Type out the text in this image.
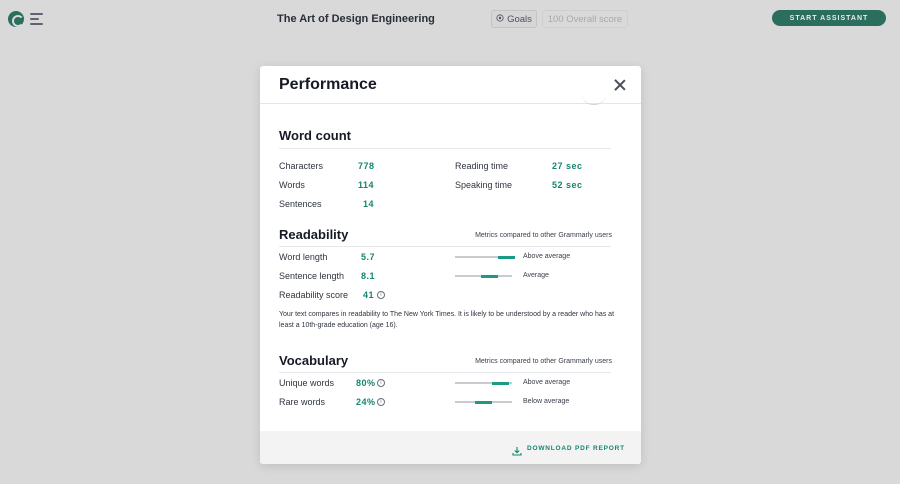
The Art of Design Engineering	Goals	100 Overall score	START ASSISTANT
Performance
Word count
Characters	778
Words	114
Sentences	14
Reading time	27 sec
Speaking time	52 sec
Readability	Metrics compared to other Grammarly users
Word length	5.7	Above average
Sentence length 8.1	Average
Readability score 41	i
Your text compares in readability to The New York Times. It is likely to be understood by a reader who has at least a 10th-grade education (age 16).
Vocabulary	Metrics compared to other Grammarly users
Unique words 80% i	Above average
Rare words	24% i	Below average
DOWNLOAD PDF REPORT
